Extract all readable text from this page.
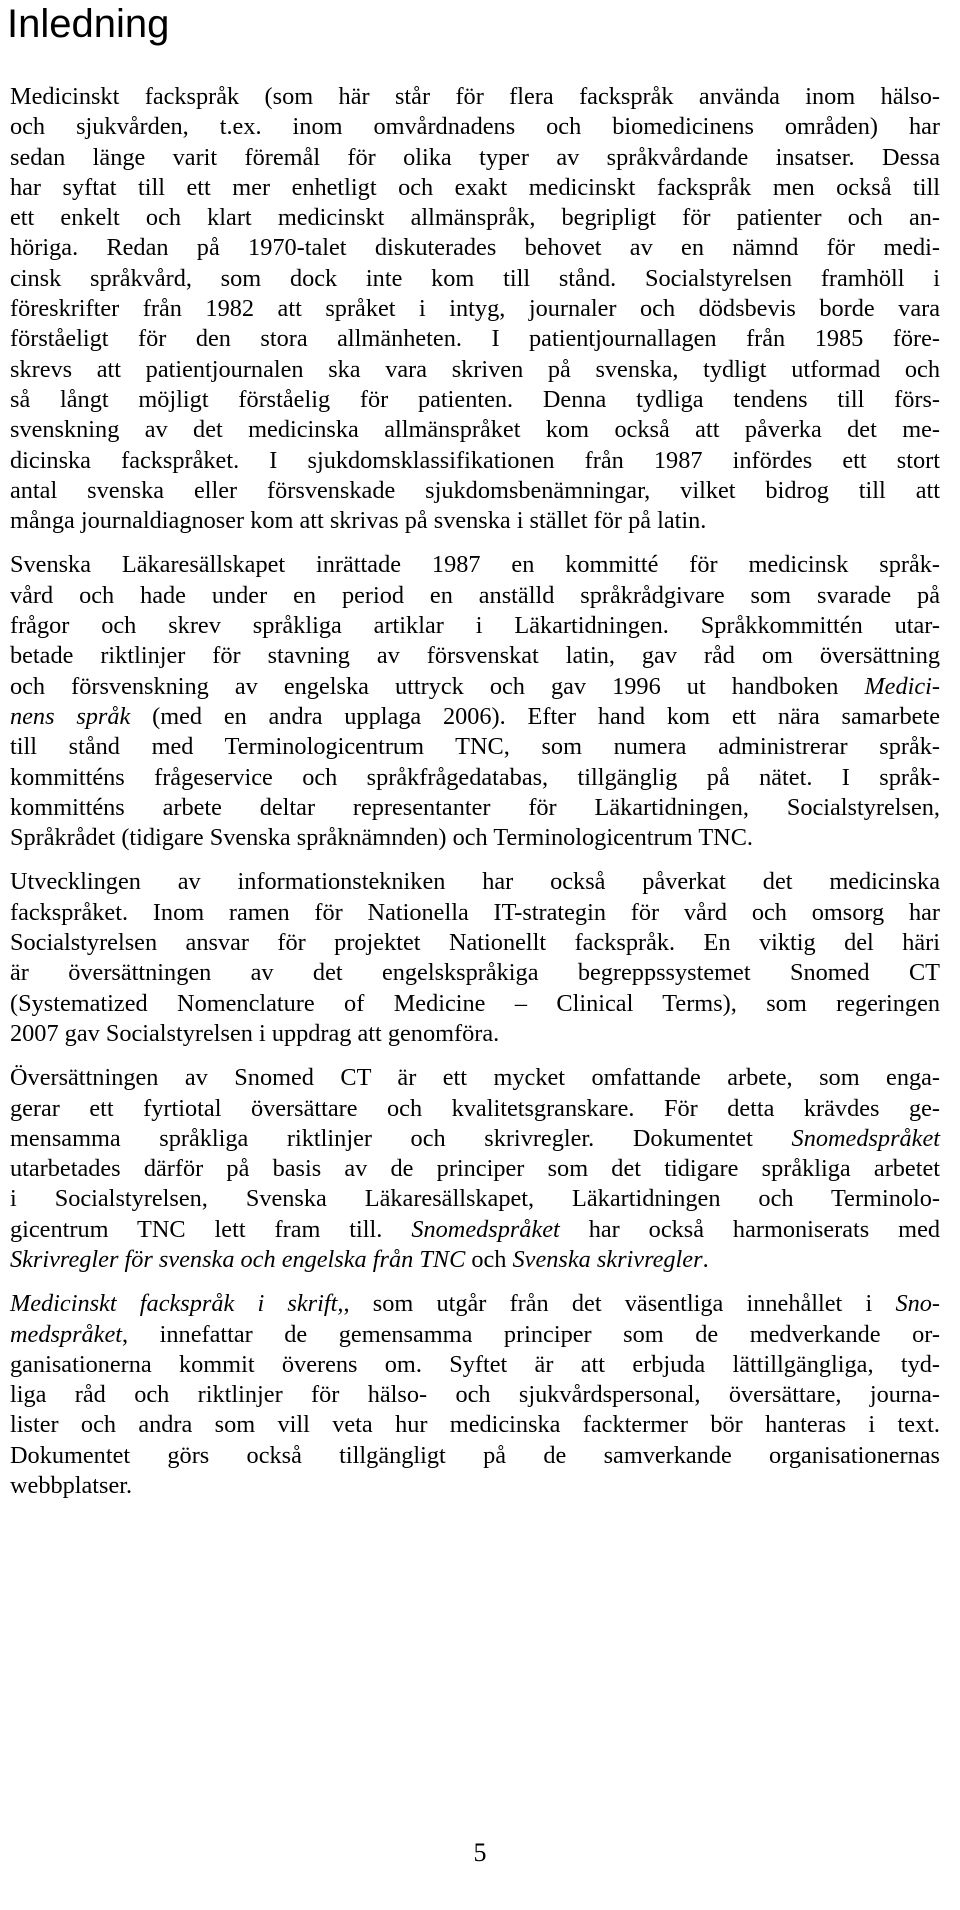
Inledning

Medicinskt fackspråk (som här står för flera fackspråk använda inom hälso-
och sjukvården, t.ex. inom omvårdnadens och biomedicinens områden) har
sedan länge varit föremål för olika typer av språkvårdande insatser. Dessa
har syftat till ett mer enhetligt och exakt medicinskt fackspråk men också till
ett enkelt och klart medicinskt allmänspråk, begripligt för patienter och an-
höriga. Redan på 1970-talet diskuterades behovet av en nämnd för medi-
cinsk språkvård, som dock inte kom till stånd. Socialstyrelsen framhöll i
föreskrifter från 1982 att språket i intyg, journaler och dödsbevis borde vara
förståeligt för den stora allmänheten. I patientjournallagen från 1985 före-
skrevs att patientjournalen ska vara skriven på svenska, tydligt utformad och
så långt möjligt förståelig för patienten. Denna tydliga tendens till förs-
svenskning av det medicinska allmänspråket kom också att påverka det me-
dicinska fackspråket. I sjukdomsklassifikationen från 1987 infördes ett stort
antal svenska eller försvenskade sjukdomsbenämningar, vilket bidrog till att
många journaldiagnoser kom att skrivas på svenska i stället för på latin.

Svenska Läkaresällskapet inrättade 1987 en kommitté för medicinsk språk-
vård och hade under en period en anställd språkrådgivare som svarade på
frågor och skrev språkliga artiklar i Läkartidningen. Språkkommittén utar-
betade riktlinjer för stavning av försvenskat latin, gav råd om översättning
och försvenskning av engelska uttryck och gav 1996 ut handboken Medici-
nens språk (med en andra upplaga 2006). Efter hand kom ett nära samarbete
till stånd med Terminologicentrum TNC, som numera administrerar språk-
kommitténs frågeservice och språkfrågedatabas, tillgänglig på nätet. I språk-
kommitténs arbete deltar representanter för Läkartidningen, Socialstyrelsen,
Språkrådet (tidigare Svenska språknämnden) och Terminologicentrum TNC.

Utvecklingen av informationstekniken har också påverkat det medicinska
fackspråket. Inom ramen för Nationella IT-strategin för vård och omsorg har
Socialstyrelsen ansvar för projektet Nationellt fackspråk. En viktig del häri
är översättningen av det engelskspråkiga begreppssystemet Snomed CT
(Systematized Nomenclature of Medicine – Clinical Terms), som regeringen
2007 gav Socialstyrelsen i uppdrag att genomföra.

Översättningen av Snomed CT är ett mycket omfattande arbete, som enga-
gerar ett fyrtiotal översättare och kvalitetsgranskare. För detta krävdes ge-
mensamma språkliga riktlinjer och skrivregler. Dokumentet Snomedspråket
utarbetades därför på basis av de principer som det tidigare språkliga arbetet
i Socialstyrelsen, Svenska Läkaresällskapet, Läkartidningen och Terminolo-
gicentrum TNC lett fram till. Snomedspråket har också harmoniserats med
Skrivregler för svenska och engelska från TNC och Svenska skrivregler.

Medicinskt fackspråk i skrift,, som utgår från det väsentliga innehållet i Sno-
medspråket, innefattar de gemensamma principer som de medverkande or-
ganisationerna kommit överens om. Syftet är att erbjuda lättillgängliga, tyd-
liga råd och riktlinjer för hälso- och sjukvårdspersonal, översättare, journa-
lister och andra som vill veta hur medicinska facktermer bör hanteras i text.
Dokumentet görs också tillgängligt på de samverkande organisationernas
webbplatser.

5
